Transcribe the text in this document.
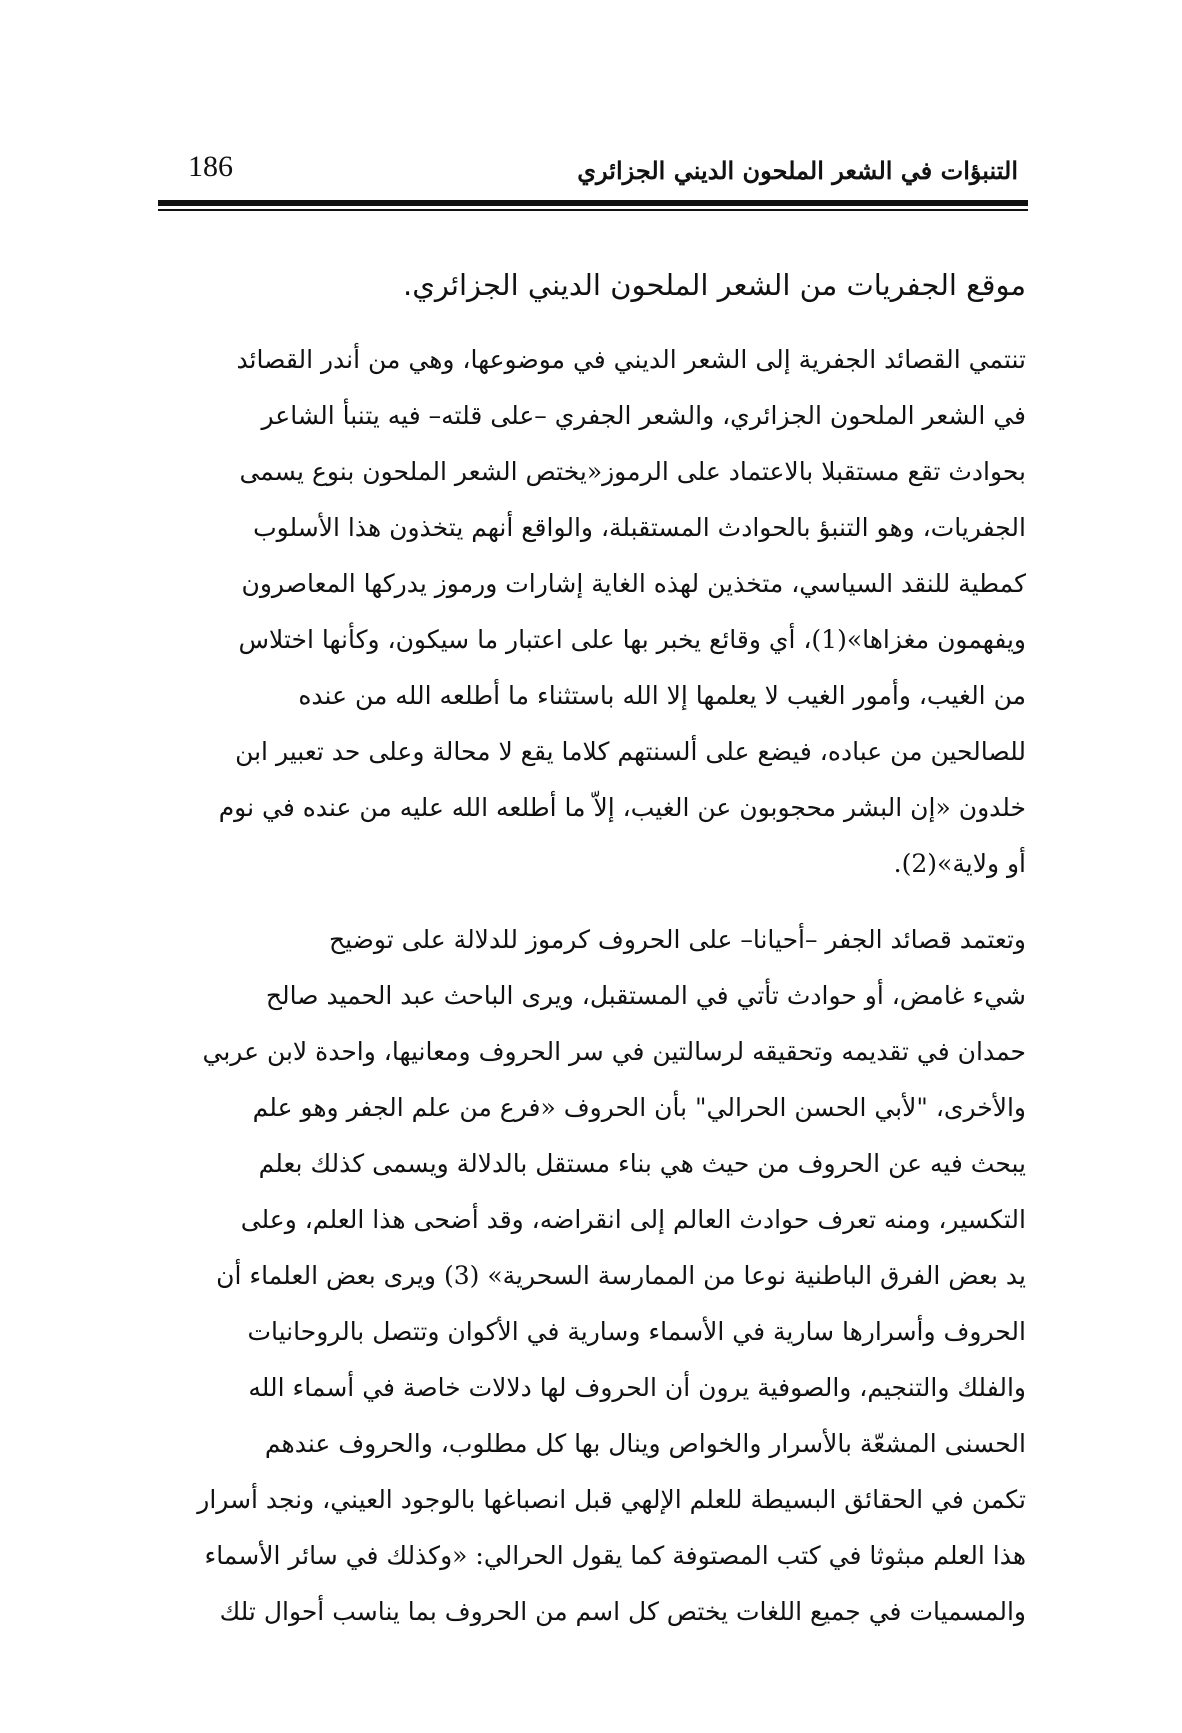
التنبؤات في الشعر الملحون الديني الجزائري
186
موقع الجفريات من الشعر الملحون الديني الجزائري.
تنتمي القصائد الجفرية إلى الشعر الديني في موضوعها، وهي من أندر القصائد
في الشعر الملحون الجزائري، والشعر الجفري –على قلته– فيه يتنبأ الشاعر
بحوادث تقع مستقبلا بالاعتماد على الرموز«يختص الشعر الملحون بنوع يسمى
الجفريات، وهو التنبؤ بالحوادث المستقبلة، والواقع أنهم يتخذون هذا الأسلوب
كمطية للنقد السياسي، متخذين لهذه الغاية إشارات ورموز يدركها المعاصرون
ويفهمون مغزاها»(1)، أي وقائع يخبر بها على اعتبار ما سيكون، وكأنها اختلاس
من الغيب، وأمور الغيب لا يعلمها إلا الله باستثناء ما أطلعه الله من عنده
للصالحين من عباده، فيضع على ألسنتهم كلاما يقع لا محالة وعلى حد تعبير ابن
خلدون «إن البشر محجوبون عن الغيب، إلاّ ما أطلعه الله عليه من عنده في نوم
أو ولاية»(2).
وتعتمد قصائد الجفر –أحيانا– على الحروف كرموز للدلالة على توضيح
شيء غامض، أو حوادث تأتي في المستقبل، ويرى الباحث عبد الحميد صالح
حمدان في تقديمه وتحقيقه لرسالتين في سر الحروف ومعانيها، واحدة لابن عربي
والأخرى، "لأبي الحسن الحرالي" بأن الحروف «فرع من علم الجفر وهو علم
يبحث فيه عن الحروف من حيث هي بناء مستقل بالدلالة ويسمى كذلك بعلم
التكسير، ومنه تعرف حوادث العالم إلى انقراضه، وقد أضحى هذا العلم، وعلى
يد بعض الفرق الباطنية نوعا من الممارسة السحرية» (3) ويرى بعض العلماء أن
الحروف وأسرارها سارية في الأسماء وسارية في الأكوان وتتصل بالروحانيات
والفلك والتنجيم، والصوفية يرون أن الحروف لها دلالات خاصة في أسماء الله
الحسنى المشعّة بالأسرار والخواص وينال بها كل مطلوب، والحروف عندهم
تكمن في الحقائق البسيطة للعلم الإلهي قبل انصباغها بالوجود العيني، ونجد أسرار
هذا العلم مبثوثا في كتب المصتوفة كما يقول الحرالي: «وكذلك في سائر الأسماء
والمسميات في جميع اللغات يختص كل اسم من الحروف بما يناسب أحوال تلك
